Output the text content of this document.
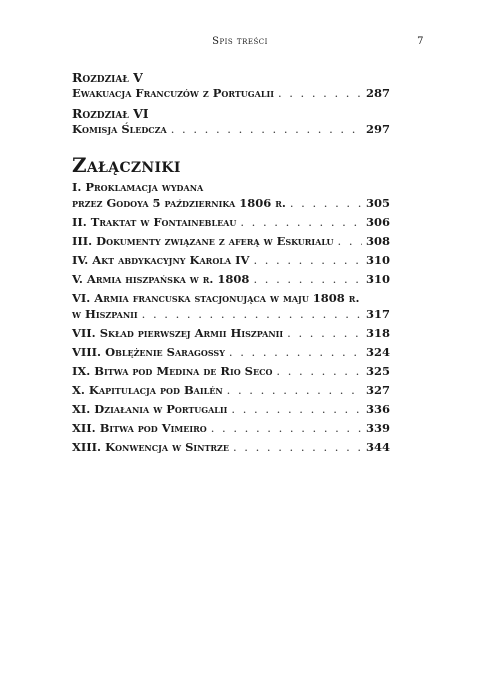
Spis treści	7
Rozdział V
Ewakuacja Francuzów z Portugalii . . .	287
Rozdział VI
Komisja Śledcza . . .	297
Załączniki
I. Proklamacja wydana
przez Godoya 5 października 1806 r. . . .	305
II. Traktat w Fontainebleau . . .	306
III. Dokumenty związane z aferą w Eskurialu . . .	308
IV. Akt abdykacyjny Karola IV . . .	310
V. Armia hiszpańska w r. 1808 . . .	310
VI. Armia francuska stacjonująca w maju 1808 r.
w Hiszpanii . . .	317
VII. Skład pierwszej Armii Hiszpanii . . .	318
VIII. Oblężenie Saragossy . . .	324
IX. Bitwa pod Medina de Rio Seco . . .	325
X. Kapitulacja pod Bailén . . .	327
XI. Działania w Portugalii . . .	336
XII. Bitwa pod Vimeiro . . .	339
XIII. Konwencja w Sintrze . . .	344
